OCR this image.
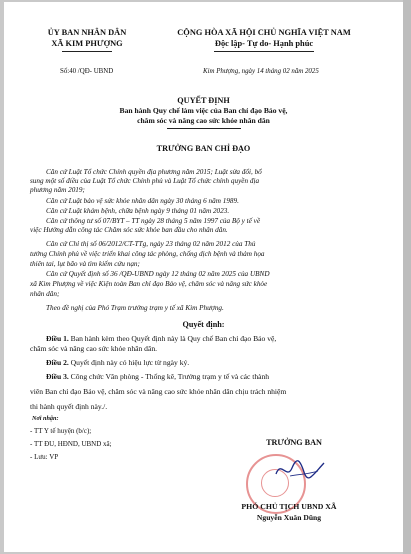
ỦY BAN NHÂN DÂN
XÃ KIM PHƯỢNG
Số:40 /QĐ- UBND
CỘNG HÒA XÃ HỘI CHỦ NGHĨA VIỆT NAM
Độc lập- Tự do- Hạnh phúc
Kim Phượng, ngày 14 tháng 02 năm 2025
QUYẾT ĐỊNH
Ban hành Quy chế làm việc của Ban chỉ đạo Bảo vệ,
chăm sóc và nâng cao sức khỏe nhân dân
TRƯỞNG BAN CHỈ ĐẠO
Căn cứ Luật Tổ chức Chính quyền địa phương năm 2015; Luật sửa đổi, bổ
sung một số điều của Luật Tổ chức Chính phủ và Luật Tổ chức chính quyền địa
phương năm 2019;
Căn cứ Luật bảo vệ sức khỏe nhân dân ngày 30 tháng 6 năm 1989.
Căn cứ Luật khám bệnh, chữa bệnh ngày 9 tháng 01 năm 2023.
Căn cứ thông tư số 07/BYT – TT ngày 28 tháng 5 năm 1997 của Bộ y tế về
việc Hướng dẫn công tác Chăm sóc sức khỏe ban đầu cho nhân dân.
Căn cứ Chỉ thị số 06/2012/CT-TTg, ngày 23 tháng 02 năm 2012 của Thủ
tướng Chính phủ về việc triển khai công tác phòng, chống dịch bệnh và thảm họa
thiên tai, lụt bão và tìm kiếm cứu nạn;
Căn cứ Quyết định số 36 /QĐ-UBND ngày 12 tháng 02 năm 2025 của UBND
xã Kim Phượng về việc Kiện toàn Ban chỉ đạo Bảo vệ, chăm sóc và nâng sức khỏe
nhân dân;
Theo đề nghị của Phó Trạm trưởng trạm y tế xã Kim Phượng.
Quyết định:
Điều 1. Ban hành kèm theo Quyết định này là Quy chế Ban chỉ đạo Bảo vệ,
chăm sóc và nâng cao sức khỏe nhân dân.
Điều 2. Quyết định này có hiệu lực từ ngày ký.
Điều 3. Công chức Văn phòng - Thống kê, Trưởng trạm y tế và các thành
viên Ban chỉ đạo Bảo vệ, chăm sóc và nâng cao sức khỏe nhân dân chịu trách nhiệm
thi hành quyết định này./.
Nơi nhận:
- TT Y tế huyện (b/c);
- TT ĐU, HĐND, UBND xã;
- Lưu: VP
TRƯỞNG BAN
PHÓ CHỦ TỊCH UBND XÃ
Nguyễn Xuân Dũng
